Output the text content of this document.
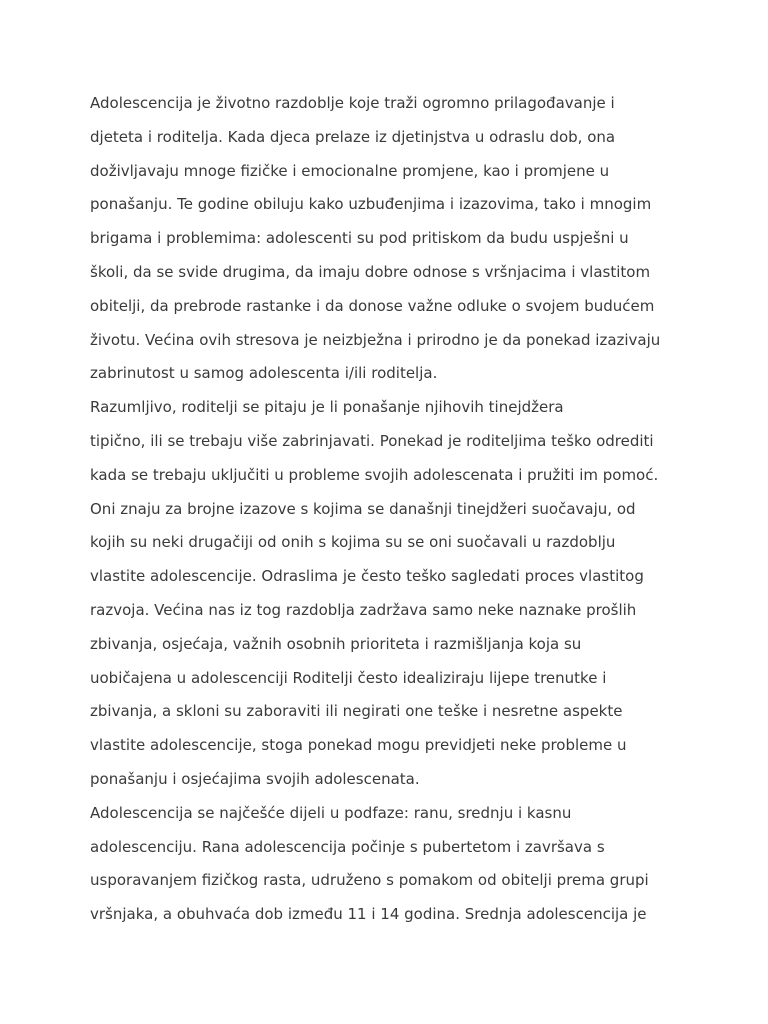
Adolescencija je životno razdoblje koje traži ogromno prilagođavanje i
djeteta i roditelja. Kada djeca prelaze iz djetinjstva u odraslu dob, ona
doživljavaju mnoge fizičke i emocionalne promjene, kao i promjene u
ponašanju. Te godine obiluju kako uzbuđenjima i izazovima, tako i mnogim
brigama i problemima: adolescenti su pod pritiskom da budu uspješni u
školi, da se svide drugima, da imaju dobre odnose s vršnjacima i vlastitom
obitelji, da prebrode rastanke i da donose važne odluke o svojem budućem
životu. Većina ovih stresova je neizbježna i prirodno je da ponekad izazivaju
zabrinutost u samog adolescenta i/ili roditelja.
Razumljivo, roditelji se pitaju je li ponašanje njihovih tinejdžera
tipično, ili se trebaju više zabrinjavati. Ponekad je roditeljima teško odrediti
kada se trebaju uključiti u probleme svojih adolescenata i pružiti im pomoć.
Oni znaju za brojne izazove s kojima se današnji tinejdžeri suočavaju, od
kojih su neki drugačiji od onih s kojima su se oni suočavali u razdoblju
vlastite adolescencije. Odraslima je često teško sagledati proces vlastitog
razvoja. Većina nas iz tog razdoblja zadržava samo neke naznake prošlih
zbivanja, osjećaja, važnih osobnih prioriteta i razmišljanja koja su
uobičajena u adolescenciji Roditelji često idealiziraju lijepe trenutke i
zbivanja, a skloni su zaboraviti ili negirati one teške i nesretne aspekte
vlastite adolescencije, stoga ponekad mogu previdjeti neke probleme u
ponašanju i osjećajima svojih adolescenata.
Adolescencija se najčešće dijeli u podfaze: ranu, srednju i kasnu
adolescenciju. Rana adolescencija počinje s pubertetom i završava s
usporavanjem fizičkog rasta, udruženo s pomakom od obitelji prema grupi
vršnjaka, a obuhvaća dob između 11 i 14 godina. Srednja adolescencija je
